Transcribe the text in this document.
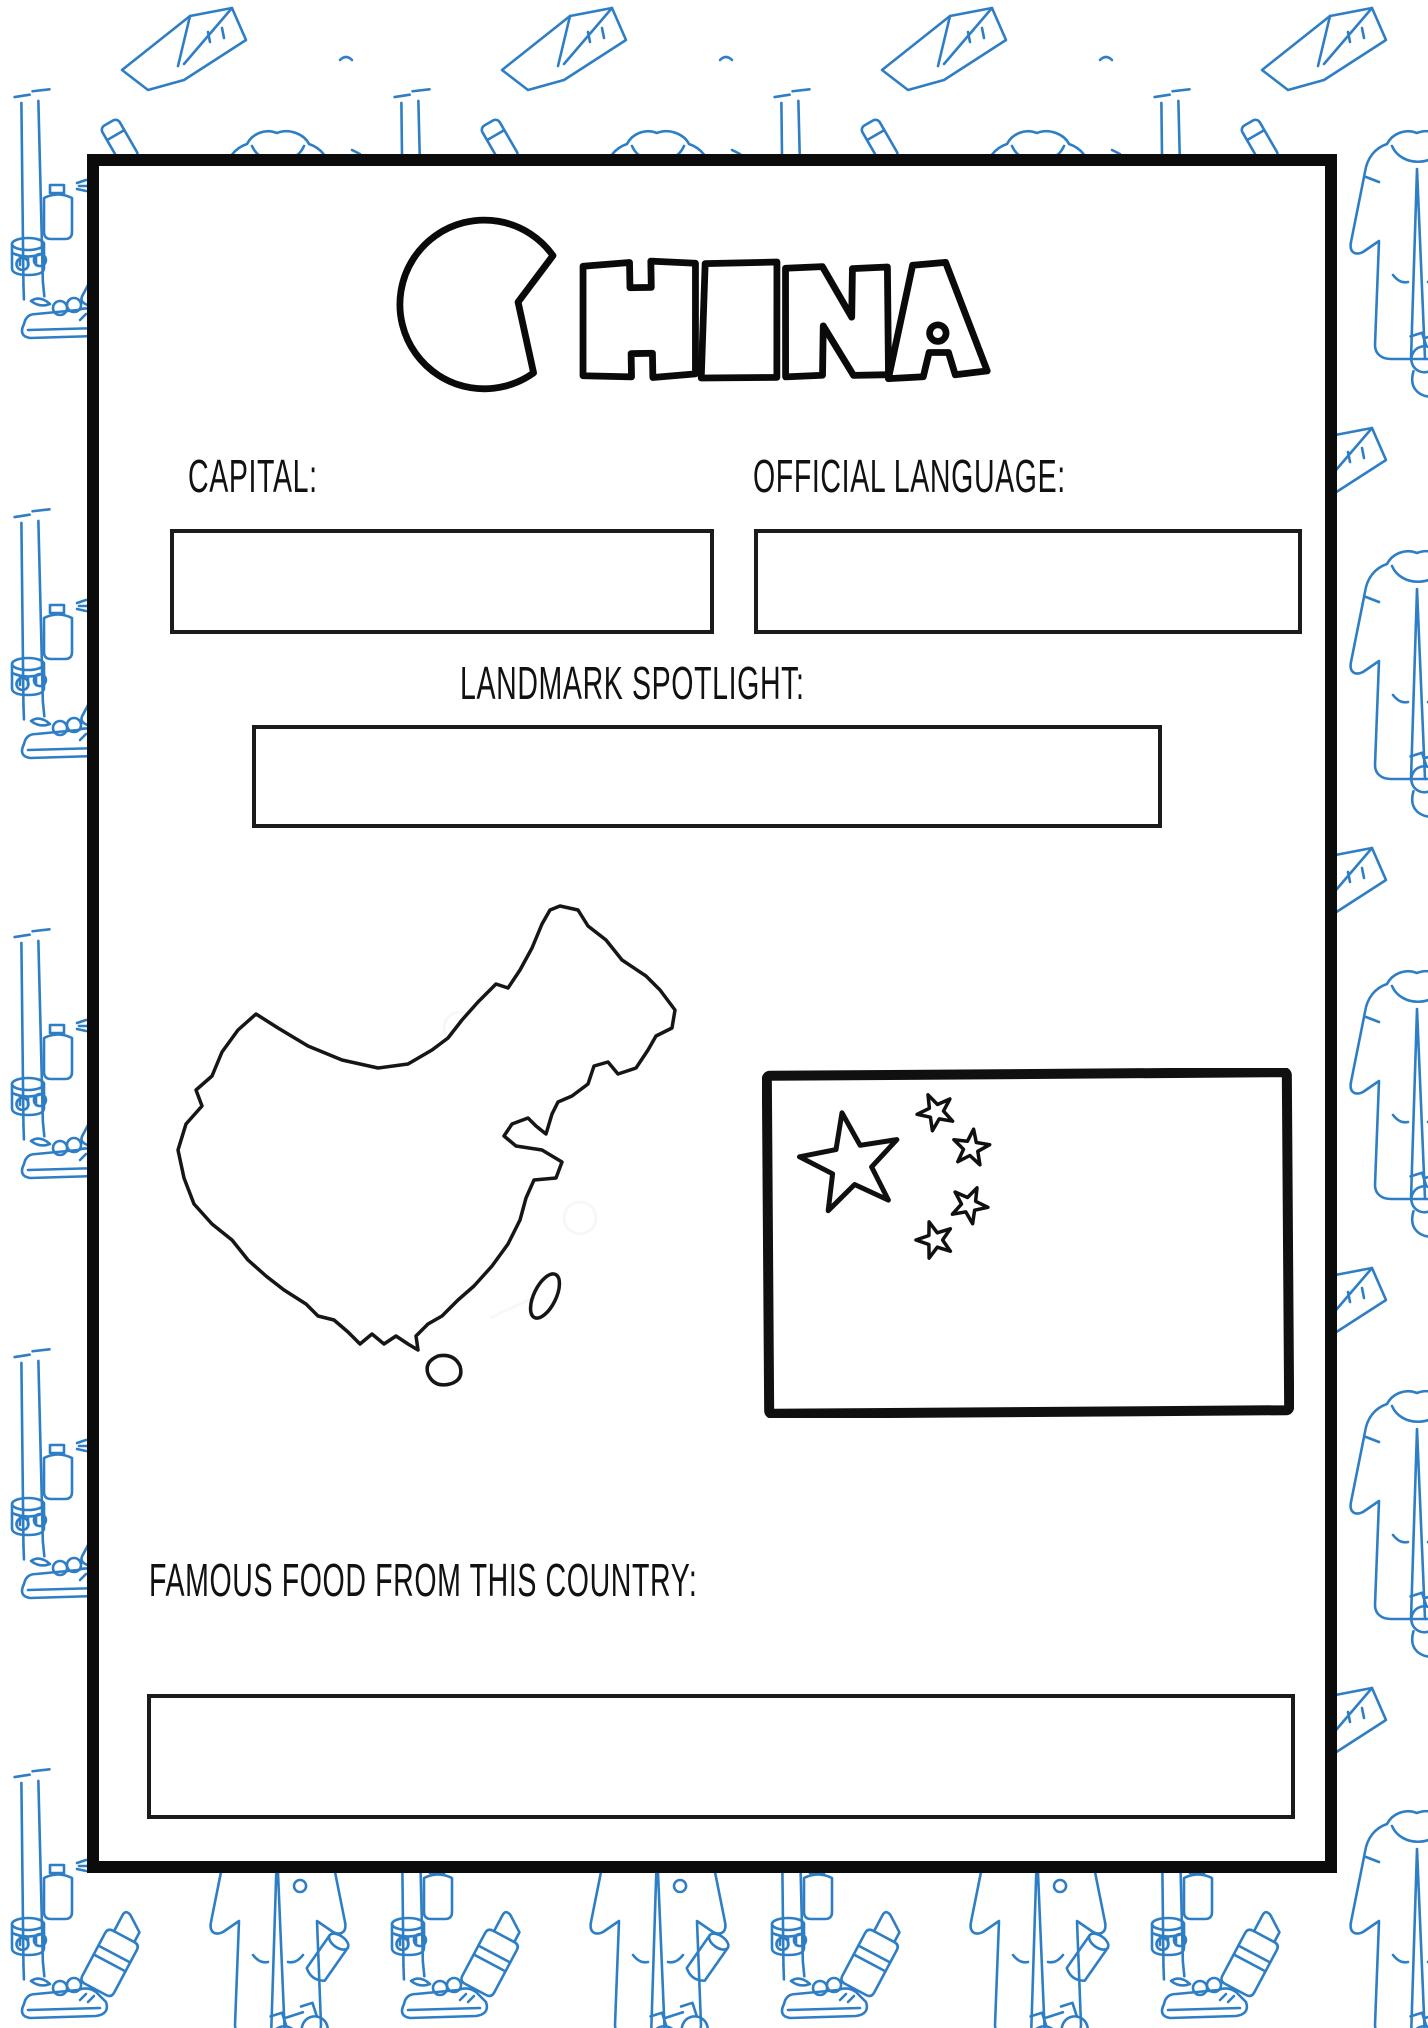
CAPITAL:	OFFICIAL LANGUAGE:
LANDMARK SPOTLIGHT:
FAMOUS FOOD FROM THIS COUNTRY:
